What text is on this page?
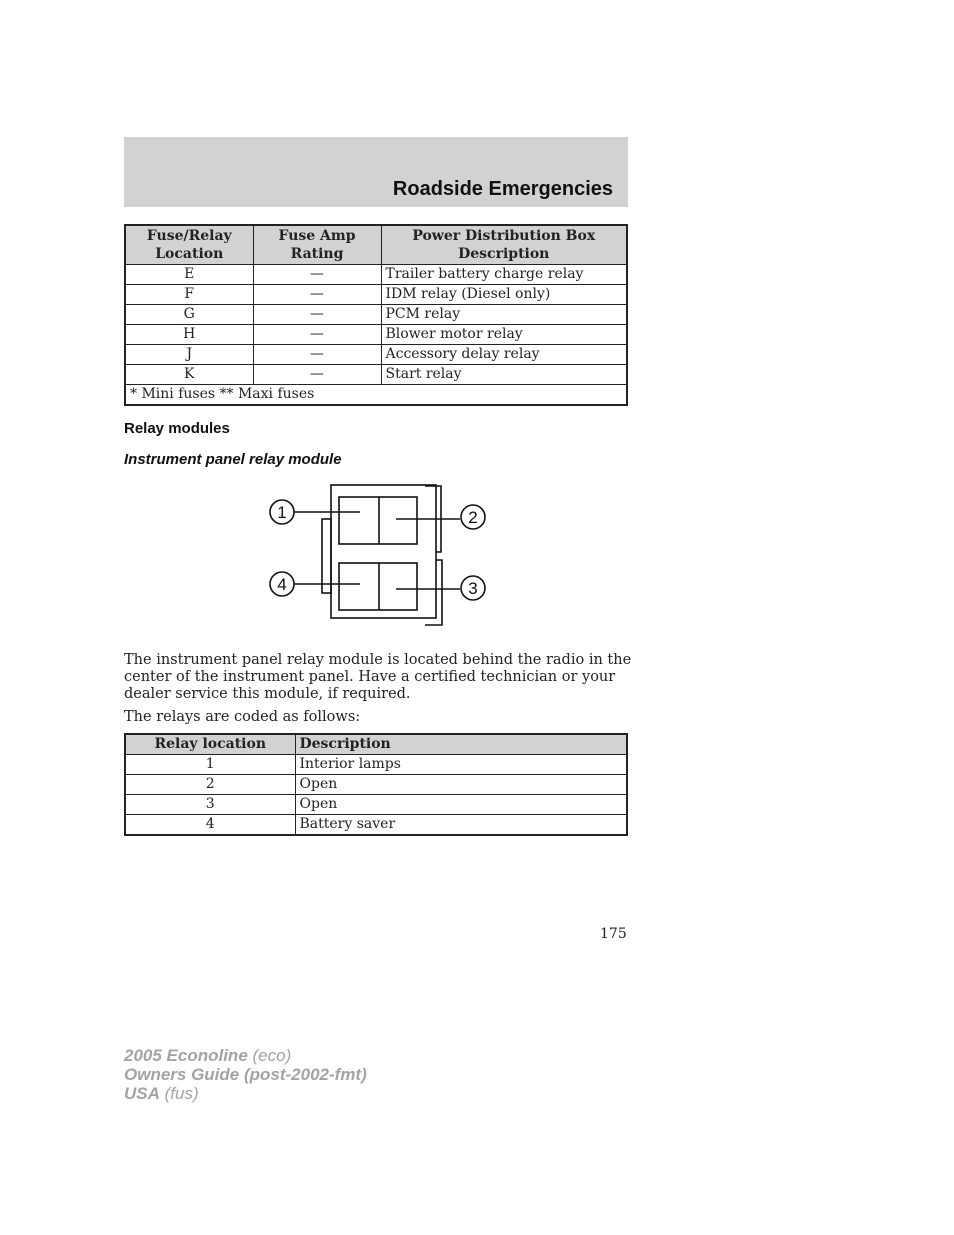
Roadside Emergencies
Fuse/Relay Location	Fuse Amp Rating	Power Distribution Box Description
E	—	Trailer battery charge relay
F	—	IDM relay (Diesel only)
G	—	PCM relay
H	—	Blower motor relay
J	—	Accessory delay relay
K	—	Start relay
* Mini fuses ** Maxi fuses		
Relay modules
Instrument panel relay module
1	2
3
4

The instrument panel relay module is located behind the radio in the center of the instrument panel. Have a certified technician or your dealer service this module, if required.

The relays are coded as follows:

Relay location	Description
1	Interior lamps
2	Open
3	Open
4	Battery saver
175
2005 Econoline (eco)
Owners Guide (post-2002-fmt)
USA (fus)
